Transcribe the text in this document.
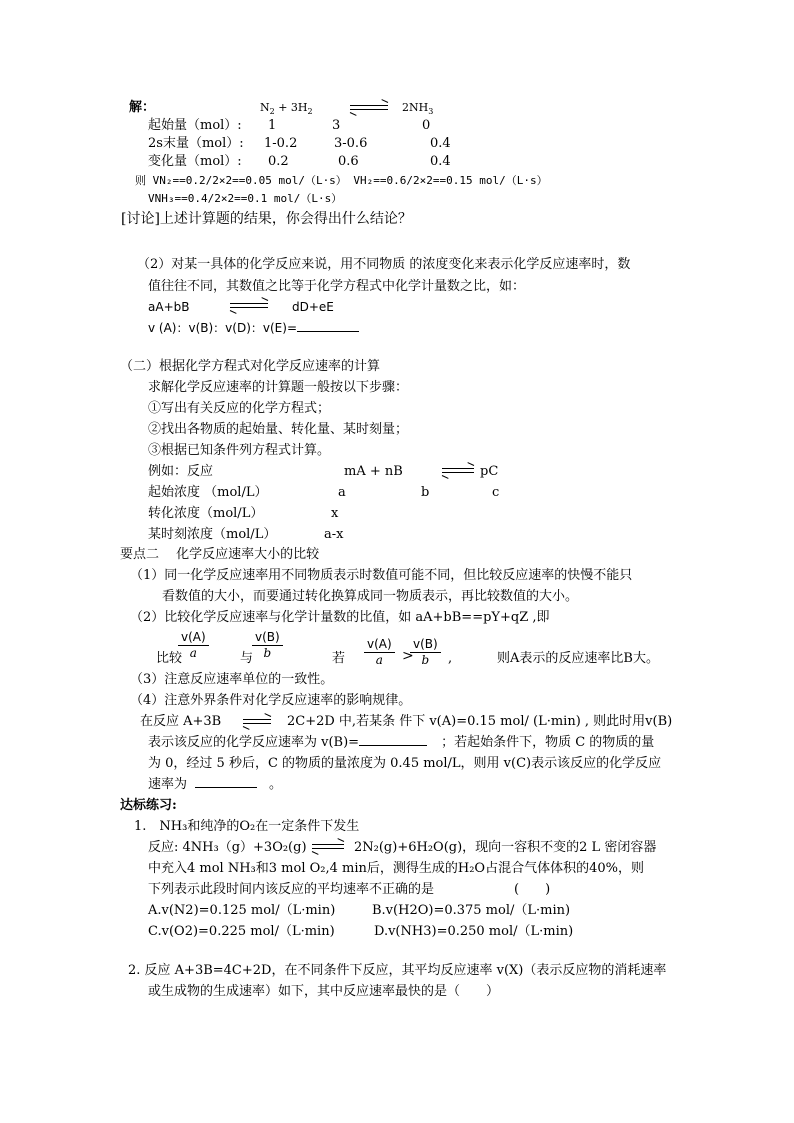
解：	$N_2 + 3H_2$	$2NH_3$
起始量（mol）: 1	3	0
2s末量（mol）: 1-0.2	3-0.6	0.4
变化量（mol）: 0.2	0.6	0.4
则 VN₂==0.2/2×2==0.05 mol/（L·s） VH₂==0.6/2×2==0.15 mol/（L·s）
VNH₃==0.4/2×2==0.1 mol/（L·s）
[讨论]上述计算题的结果，你会得出什么结论？
（2）对某一具体的化学反应来说，用不同物质 的浓度变化来表示化学反应速率时，数
值往往不同，其数值之比等于化学方程式中化学计量数之比，如：
aA+bB	dD+eE
v (A)：v(B)：v(D)：v(E)=
（二）根据化学方程式对化学反应速率的计算
求解化学反应速率的计算题一般按以下步骤：
①写出有关反应的化学方程式；
②找出各物质的起始量、转化量、某时刻量；
③根据已知条件列方程式计算。
例如：反应	mA + nB	pC
起始浓度 （mol/L）	a	b	c
转化浓度（mol/L）	x
某时刻浓度（mol/L）	a-x
要点二　 化学反应速率大小的比较
（1）同一化学反应速率用不同物质表示时数值可能不同，但比较反应速率的快慢不能只
看数值的大小，而要通过转化换算成同一物质表示，再比较数值的大小。
（2）比较化学反应速率与化学计量数的比值，如 aA+bB==pY+qZ ,即
比较
$\frac{v(A)}{a}$ 与
$\frac{v(B)}{b}$	若 $\frac{v(A)}{a}$ >
$\frac{v(B)}{b}$ ,	则A表示的反应速率比B大。
（3）注意反应速率单位的一致性。
（4）注意外界条件对化学反应速率的影响规律。
在反应 A+3B	2C+2D 中,若某条 件下 v(A)=0.15 mol/ (L·min) , 则此时用v(B)
表示该反应的化学反应速率为 v(B)=	；若起始条件下，物质 C 的物质的量
为 0，经过 5 秒后，C 的物质的量浓度为 0.45 mol/L，则用 v(C)表示该反应的化学反应
速率为	。
达标练习:
1.　NH₃和纯净的O₂在一定条件下发生
反应: 4NH₃（g）+3O₂(g)	2N₂(g)+6H₂O(g)，现向一容积不变的2 L 密闭容器
中充入4 mol NH₃和3 mol O₂,4 min后，测得生成的H₂O占混合气体体积的40%，则
下列表示此段时间内该反应的平均速率不正确的是	(　　)
A.v(N2)=0.125 mol/（L·min)	B.v(H2O)=0.375 mol/（L·min)
C.v(O2)=0.225 mol/（L·min)	D.v(NH3)=0.250 mol/（L·min)
2. 反应 A+3B=4C+2D，在不同条件下反应，其平均反应速率 v(X)（表示反应物的消耗速率
或生成物的生成速率）如下，其中反应速率最快的是（　　）
